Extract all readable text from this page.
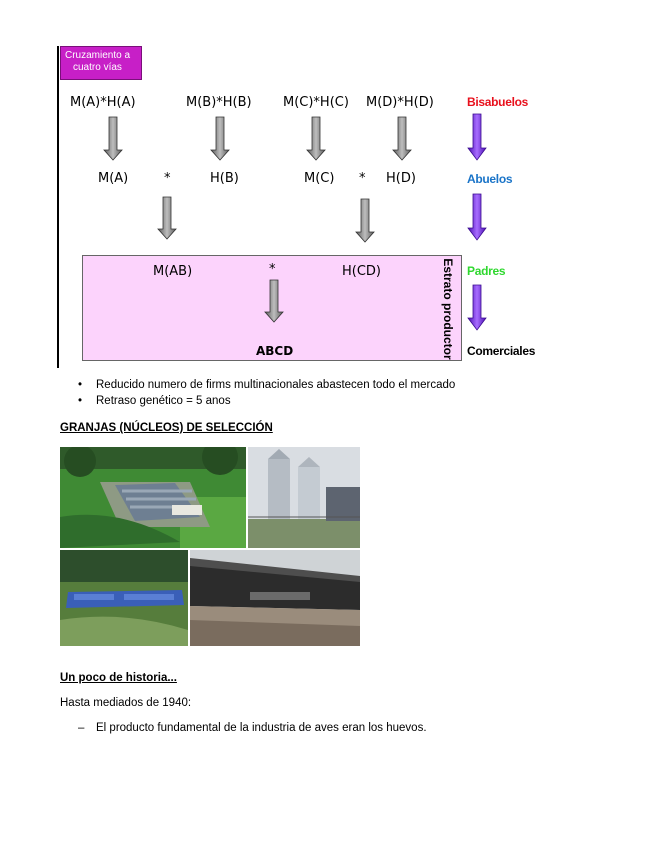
Cruzamiento a
cuatro vías
M(A)*H(A)	M(B)*H(B) M(C)*H(C) M(D)*H(D)
M(A)	*	H(B)	M(C) * H(D)
M(AB)	*	H(CD)
ABCD	Estrato productor
Bisabuelos
Abuelos
Padres
Comerciales
• Reducido numero de firms multinacionales abastecen todo el mercado
• Retraso genético = 5 anos
GRANJAS (NÚCLEOS) DE SELECCIÓN
Un poco de historia...
Hasta mediados de 1940:
– El producto fundamental de la industria de aves eran los huevos.
